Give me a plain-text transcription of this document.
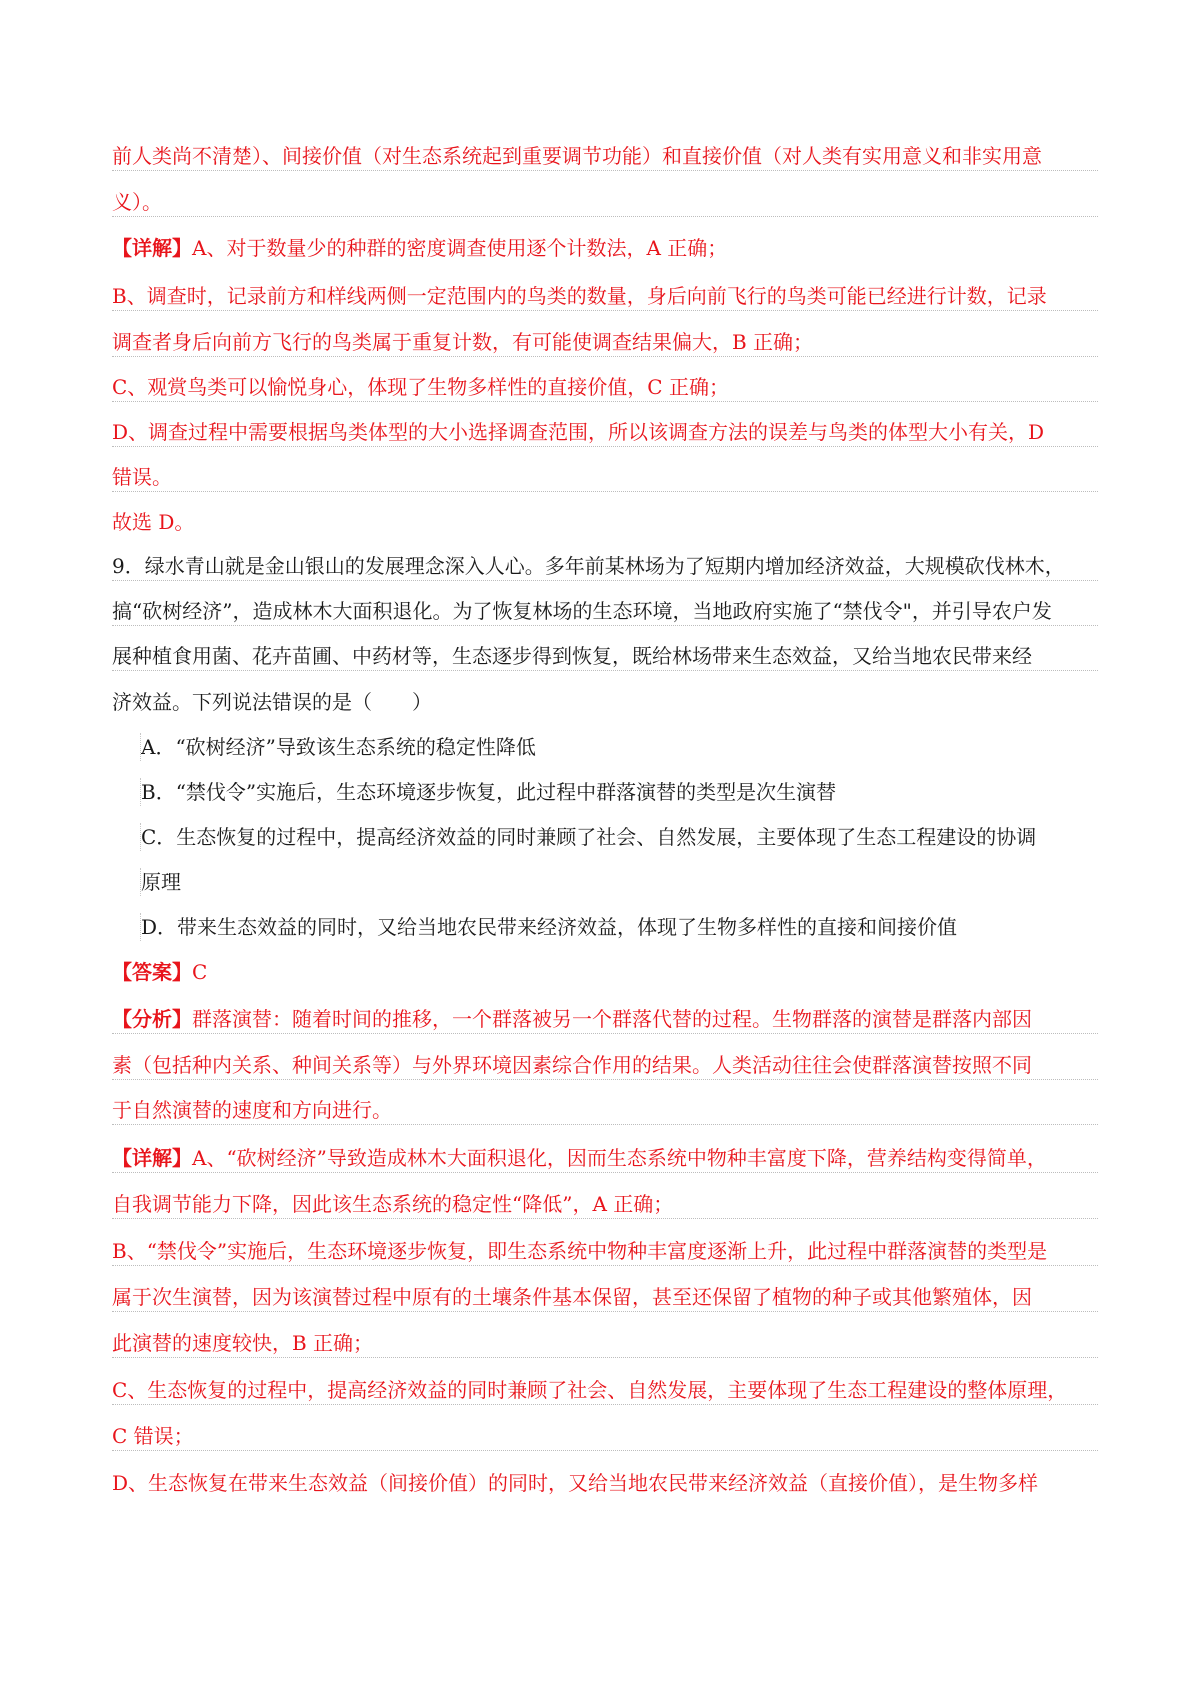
前人类尚不清楚）、间接价值（对生态系统起到重要调节功能）和直接价值（对人类有实用意义和非实用意
义）。
【详解】A、对于数量少的种群的密度调查使用逐个计数法，A 正确；
B、调查时，记录前方和样线两侧一定范围内的鸟类的数量，身后向前飞行的鸟类可能已经进行计数，记录
调查者身后向前方飞行的鸟类属于重复计数，有可能使调查结果偏大，B 正确；
C、观赏鸟类可以愉悦身心，体现了生物多样性的直接价值，C 正确；
D、调查过程中需要根据鸟类体型的大小选择调查范围，所以该调查方法的误差与鸟类的体型大小有关，D
错误。
故选 D。
9．绿水青山就是金山银山的发展理念深入人心。多年前某林场为了短期内增加经济效益，大规模砍伐林木，
搞“砍树经济”，造成林木大面积退化。为了恢复林场的生态环境，当地政府实施了“禁伐令"，并引导农户发
展种植食用菌、花卉苗圃、中药材等，生态逐步得到恢复，既给林场带来生态效益，又给当地农民带来经
济效益。下列说法错误的是（　　）
A．“砍树经济”导致该生态系统的稳定性降低
B．“禁伐令”实施后，生态环境逐步恢复，此过程中群落演替的类型是次生演替
C．生态恢复的过程中，提高经济效益的同时兼顾了社会、自然发展，主要体现了生态工程建设的协调
原理
D．带来生态效益的同时，又给当地农民带来经济效益，体现了生物多样性的直接和间接价值
【答案】C
【分析】群落演替：随着时间的推移，一个群落被另一个群落代替的过程。生物群落的演替是群落内部因
素（包括种内关系、种间关系等）与外界环境因素综合作用的结果。人类活动往往会使群落演替按照不同
于自然演替的速度和方向进行。
【详解】A、“砍树经济”导致造成林木大面积退化，因而生态系统中物种丰富度下降，营养结构变得简单，
自我调节能力下降，因此该生态系统的稳定性“降低”，A 正确；
B、“禁伐令”实施后，生态环境逐步恢复，即生态系统中物种丰富度逐渐上升，此过程中群落演替的类型是
属于次生演替，因为该演替过程中原有的土壤条件基本保留，甚至还保留了植物的种子或其他繁殖体，因
此演替的速度较快，B 正确；
C、生态恢复的过程中，提高经济效益的同时兼顾了社会、自然发展，主要体现了生态工程建设的整体原理，
C 错误；
D、生态恢复在带来生态效益（间接价值）的同时，又给当地农民带来经济效益（直接价值），是生物多样
